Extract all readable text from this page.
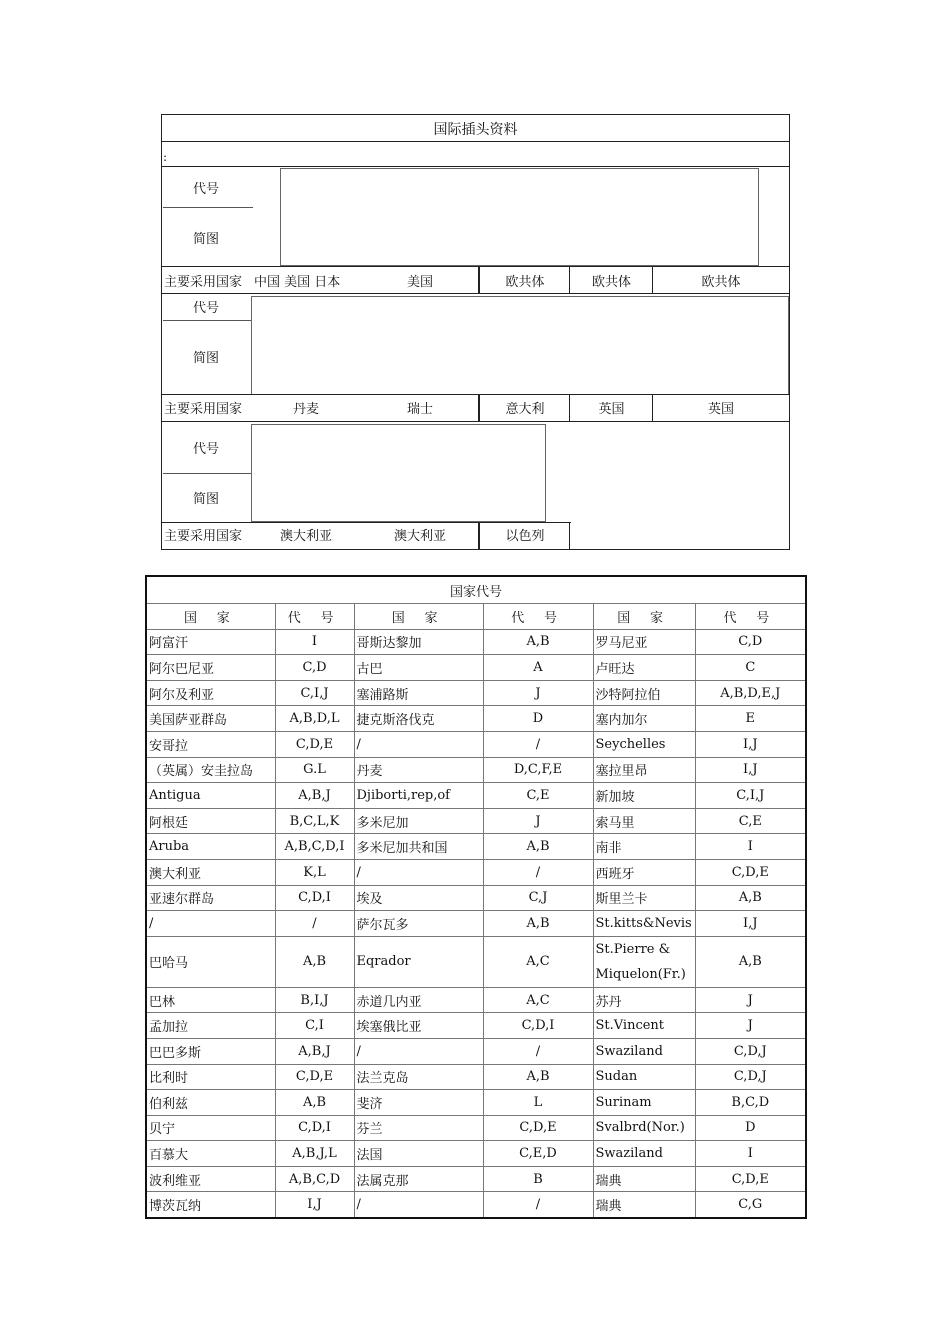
国际插头资料
:
代号
简图
主要采用国家 中国 美国 日本	美国	欧共体	欧共体	欧共体
代号
简图
主要采用国家	丹麦	瑞士	意大利	英国	英国
代号
简图
主要采用国家	澳大利亚	澳大利亚	以色列
国家代号					
国 家	代 号	国 家	代 号	国 家	代 号
阿富汗	I	哥斯达黎加	A,B	罗马尼亚	C,D
阿尔巴尼亚	C,D	古巴	A	卢旺达	C
阿尔及利亚	C,I,J	塞浦路斯	J	沙特阿拉伯	A,B,D,E,J
美国萨亚群岛	A,B,D,L	捷克斯洛伐克	D	塞内加尔	E
安哥拉	C,D,E	/	/	Seychelles	I,J
（英属）安圭拉岛	G.L	丹麦	D,C,F,E	塞拉里昂	I,J
Antigua	A,B,J	Djiborti,rep,of	C,E	新加坡	C,I,J
阿根廷	B,C,L,K	多米尼加	J	索马里	C,E
Aruba	A,B,C,D,I	多米尼加共和国	A,B	南非	I
澳大利亚	K,L	/	/	西班牙	C,D,E
亚速尔群岛	C,D,I	埃及	C,J	斯里兰卡	A,B
/	/	萨尔瓦多	A,B	St.kitts&Nevis	I,J
巴哈马	A,B	Eqrador	A,C	St.Pierre &
Miquelon(Fr.)	A,B
巴林	B,I,J	赤道几内亚	A,C	苏丹	J
孟加拉	C,I	埃塞俄比亚	C,D,I	St.Vincent	J
巴巴多斯	A,B,J	/	/	Swaziland	C,D,J
比利时	C,D,E	法兰克岛	A,B	Sudan	C,D,J
伯利兹	A,B	斐济	L	Surinam	B,C,D
贝宁	C,D,I	芬兰	C,D,E	Svalbrd(Nor.)	D
百慕大	A,B,J,L	法国	C,E,D	Swaziland	I
波利维亚	A,B,C,D	法属克那	B	瑞典	C,D,E
博茨瓦纳	I,J	/	/	瑞典	C,G
